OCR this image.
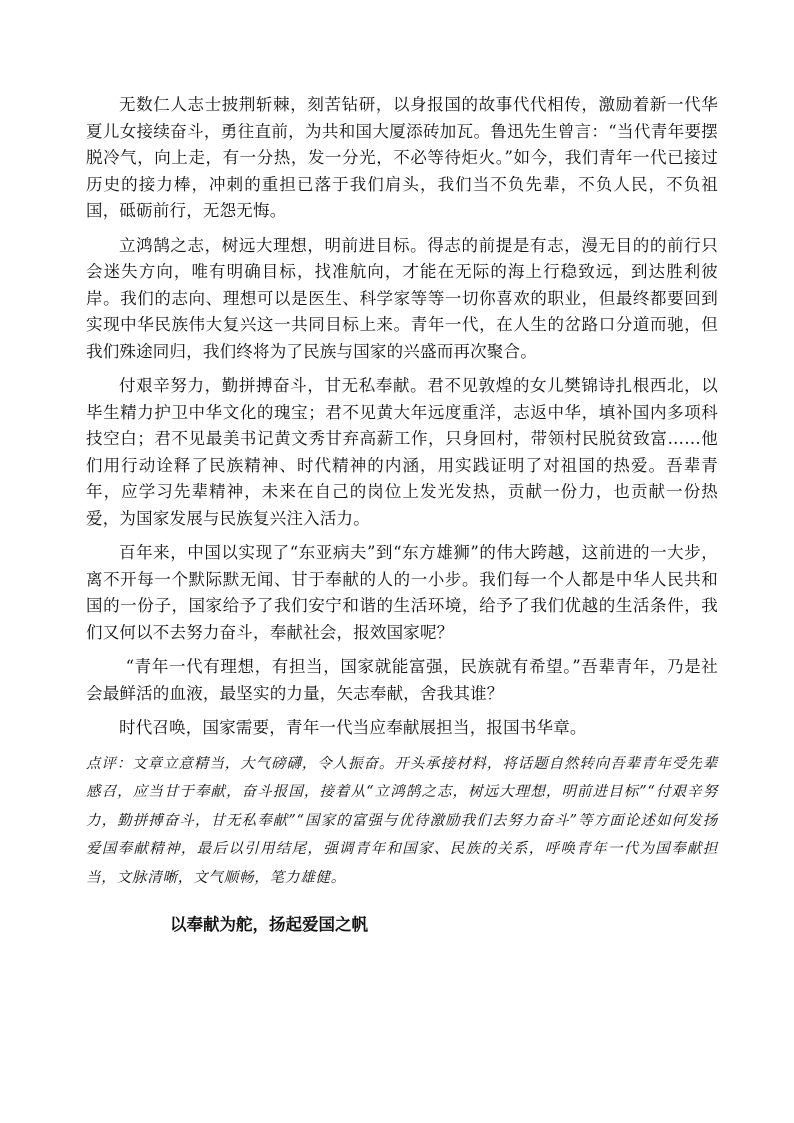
无数仁人志士披荆斩棘，刻苦钻研，以身报国的故事代代相传，激励着新一代华夏儿女接续奋斗，勇往直前，为共和国大厦添砖加瓦。鲁迅先生曾言：“当代青年要摆脱冷气，向上走，有一分热，发一分光，不必等待炬火。”如今，我们青年一代已接过历史的接力棒，冲刺的重担已落于我们肩头，我们当不负先辈，不负人民，不负祖国，砥砺前行，无怨无悔。

立鸿鹄之志，树远大理想，明前进目标。得志的前提是有志，漫无目的的前行只会迷失方向，唯有明确目标，找准航向，才能在无际的海上行稳致远，到达胜利彼岸。我们的志向、理想可以是医生、科学家等等一切你喜欢的职业，但最终都要回到实现中华民族伟大复兴这一共同目标上来。青年一代，在人生的岔路口分道而驰，但我们殊途同归，我们终将为了民族与国家的兴盛而再次聚合。

付艰辛努力，勤拼搏奋斗，甘无私奉献。君不见敦煌的女儿樊锦诗扎根西北，以毕生精力护卫中华文化的瑰宝；君不见黄大年远度重洋，志返中华，填补国内多项科技空白；君不见最美书记黄文秀甘弃高薪工作，只身回村，带领村民脱贫致富……他们用行动诠释了民族精神、时代精神的内涵，用实践证明了对祖国的热爱。吾辈青年，应学习先辈精神，未来在自己的岗位上发光发热，贡献一份力，也贡献一份热爱，为国家发展与民族复兴注入活力。

百年来，中国以实现了“东亚病夫”到“东方雄狮”的伟大跨越，这前进的一大步，离不开每一个默际默无闻、甘于奉献的人的一小步。我们每一个人都是中华人民共和国的一份子，国家给予了我们安宁和谐的生活环境，给予了我们优越的生活条件，我们又何以不去努力奋斗，奉献社会，报效国家呢？

“青年一代有理想，有担当，国家就能富强，民族就有希望。”吾辈青年，乃是社会最鲜活的血液，最坚实的力量，矢志奉献，舍我其谁？

时代召唤，国家需要，青年一代当应奉献展担当，报国书华章。

点评：文章立意精当，大气磅礴，令人振奋。开头承接材料，将话题自然转向吾辈青年受先辈感召，应当甘于奉献，奋斗报国，接着从“立鸿鹄之志，树远大理想，明前进目标”“付艰辛努力，勤拼搏奋斗，甘无私奉献”“国家的富强与优待激励我们去努力奋斗”等方面论述如何发扬爱国奉献精神，最后以引用结尾，强调青年和国家、民族的关系，呼唤青年一代为国奉献担当，文脉清晰，文气顺畅，笔力雄健。

以奉献为舵，扬起爱国之帆
